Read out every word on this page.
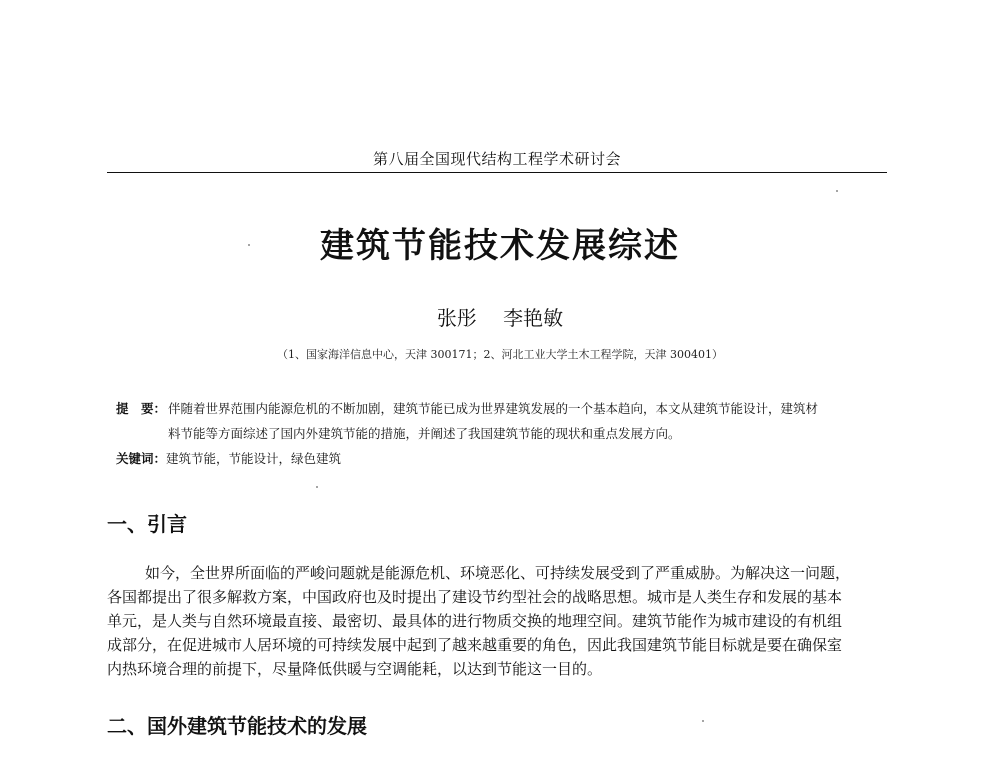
第八届全国现代结构工程学术研讨会
建筑节能技术发展综述
张彤 李艳敏
（1、国家海洋信息中心，天津 300171；2、河北工业大学土木工程学院，天津 300401）
提　要： 伴随着世界范围内能源危机的不断加剧，建筑节能已成为世界建筑发展的一个基本趋向，本文从建筑节能设计，建筑材
料节能等方面综述了国内外建筑节能的措施，并阐述了我国建筑节能的现状和重点发展方向。
关键词：建筑节能，节能设计，绿色建筑
一、引言
如今，全世界所面临的严峻问题就是能源危机、环境恶化、可持续发展受到了严重威胁。为解决这一问题，
各国都提出了很多解救方案，中国政府也及时提出了建设节约型社会的战略思想。城市是人类生存和发展的基本
单元，是人类与自然环境最直接、最密切、最具体的进行物质交换的地理空间。建筑节能作为城市建设的有机组
成部分，在促进城市人居环境的可持续发展中起到了越来越重要的角色，因此我国建筑节能目标就是要在确保室
内热环境合理的前提下，尽量降低供暖与空调能耗，以达到节能这一目的。
二、国外建筑节能技术的发展
